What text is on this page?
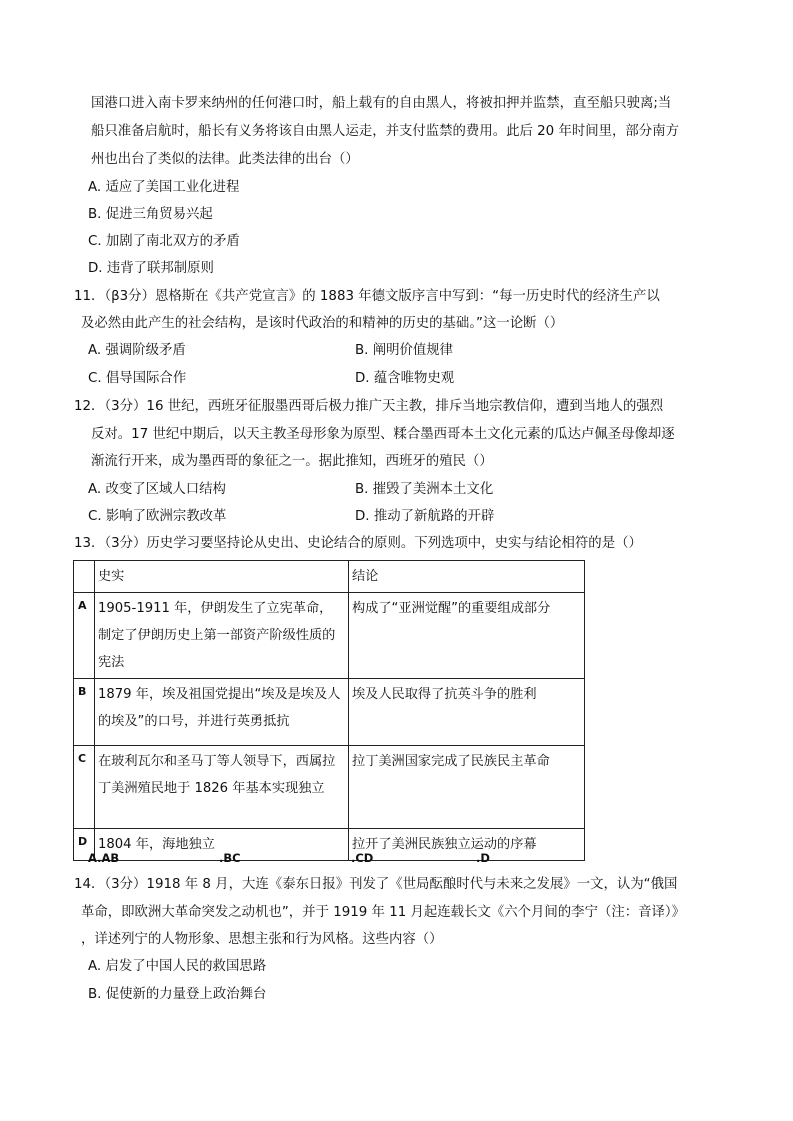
国港口进入南卡罗来纳州的任何港口时，船上载有的自由黑人，将被扣押并监禁，直至船只驶离;当
船只准备启航时，船长有义务将该自由黑人运走，并支付监禁的费用。此后 20 年时间里，部分南方
州也出台了类似的法律。此类法律的出台（）
A. 适应了美国工业化进程
B. 促进三角贸易兴起
C. 加剧了南北双方的矛盾
D. 违背了联邦制原则
11．（β3分）恩格斯在《共产党宣言》的 1883 年德文版序言中写到：“每一历史时代的经济生产以
及必然由此产生的社会结构，是该时代政治的和精神的历史的基础。”这一论断（）
A. 强调阶级矛盾	B. 阐明价值规律
C. 倡导国际合作	D. 蕴含唯物史观
12．（3分）16 世纪，西班牙征服墨西哥后极力推广天主教，排斥当地宗教信仰，遭到当地人的强烈
反对。17 世纪中期后，以天主教圣母形象为原型、糅合墨西哥本土文化元素的瓜达卢佩圣母像却逐
渐流行开来，成为墨西哥的象征之一。据此推知，西班牙的殖民（）
A. 改变了区域人口结构	B. 摧毁了美洲本土文化
C. 影响了欧洲宗教改革	D. 推动了新航路的开辟
13．（3分）历史学习要坚持论从史出、史论结合的原则。下列选项中，史实与结论相符的是（）
	史实	结论
A	1905-1911 年，伊朗发生了立宪革命，制定了伊朗历史上第一部资产阶级性质的宪法	构成了“亚洲觉醒”的重要组成部分
B	1879 年，埃及祖国党提出“埃及是埃及人的埃及”的口号，并进行英勇抵抗	埃及人民取得了抗英斗争的胜利
C	在玻利瓦尔和圣马丁等人领导下，西属拉丁美洲殖民地于 1826 年基本实现独立	拉丁美洲国家完成了民族民主革命
D	1804 年，海地独立	拉开了美洲民族独立运动的序幕
A.AB	.BC	.CD	.D
14．（3分）1918 年 8 月，大连《泰东日报》刊发了《世局酝酿时代与未来之发展》一文，认为“俄国
革命，即欧洲大革命突发之动机也”，并于 1919 年 11 月起连载长文《六个月间的李宁（注：音译）》
，详述列宁的人物形象、思想主张和行为风格。这些内容（）
A. 启发了中国人民的救国思路
B. 促使新的力量登上政治舞台
